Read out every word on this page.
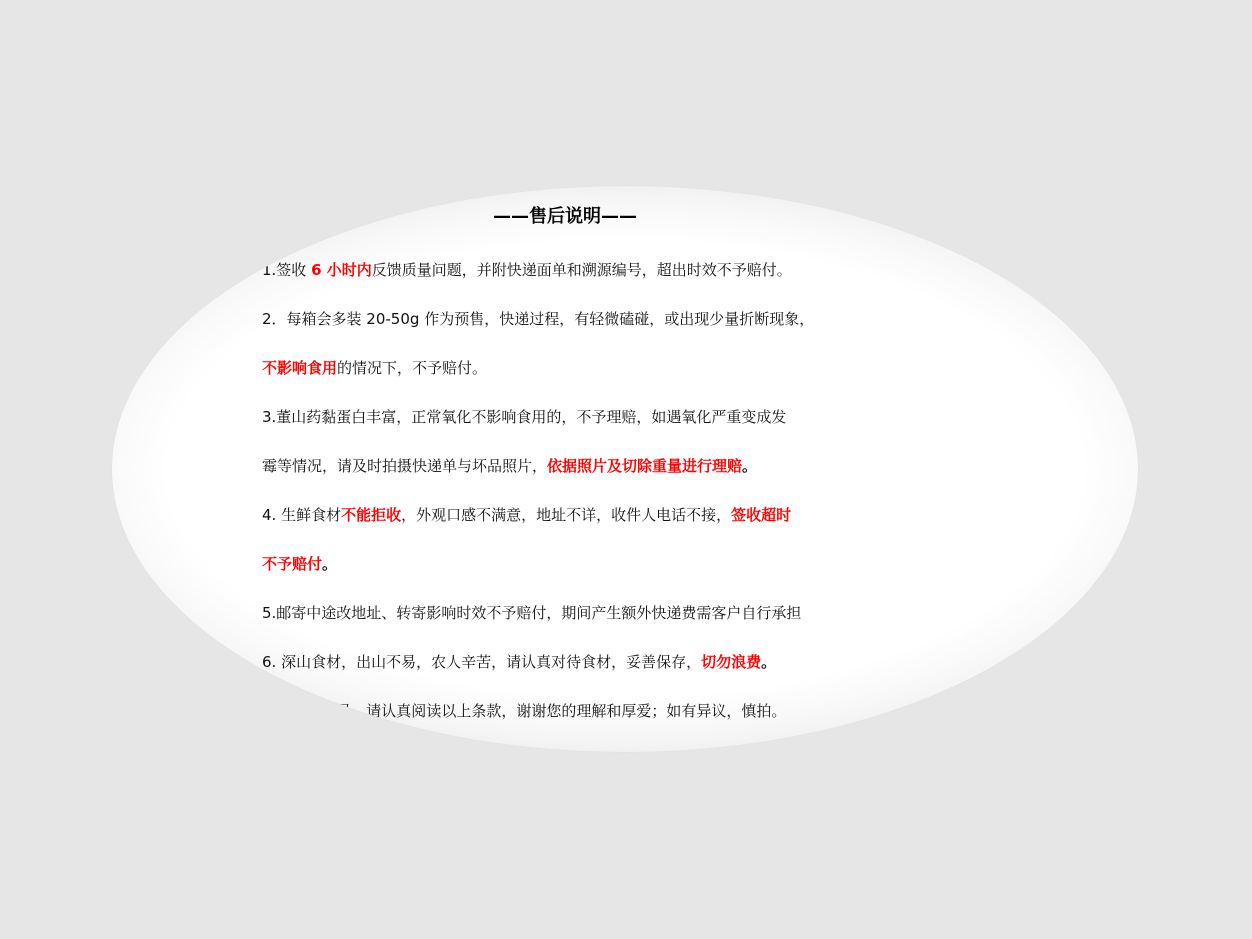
——售后说明——
1.签收 6 小时内反馈质量问题，并附快递面单和溯源编号，超出时效不予赔付。
2．每箱会多装 20-50g 作为预售，快递过程，有轻微磕碰，或出现少量折断现象，
不影响食用的情况下，不予赔付。
3.董山药黏蛋白丰富，正常氧化不影响食用的，不予理赔，如遇氧化严重变成发
霉等情况，请及时拍摄快递单与坏品照片，依据照片及切除重量进行理赔。
4. 生鲜食材不能拒收，外观口感不满意，地址不详，收件人电话不接，签收超时
不予赔付。
5.邮寄中途改地址、转寄影响时效不予赔付，期间产生额外快递费需客户自行承担
6. 深山食材，出山不易，农人辛苦，请认真对待食材，妥善保存，切勿浪费。
7． 生鲜不易，请认真阅读以上条款，谢谢您的理解和厚爱；如有异议，慎拍。
